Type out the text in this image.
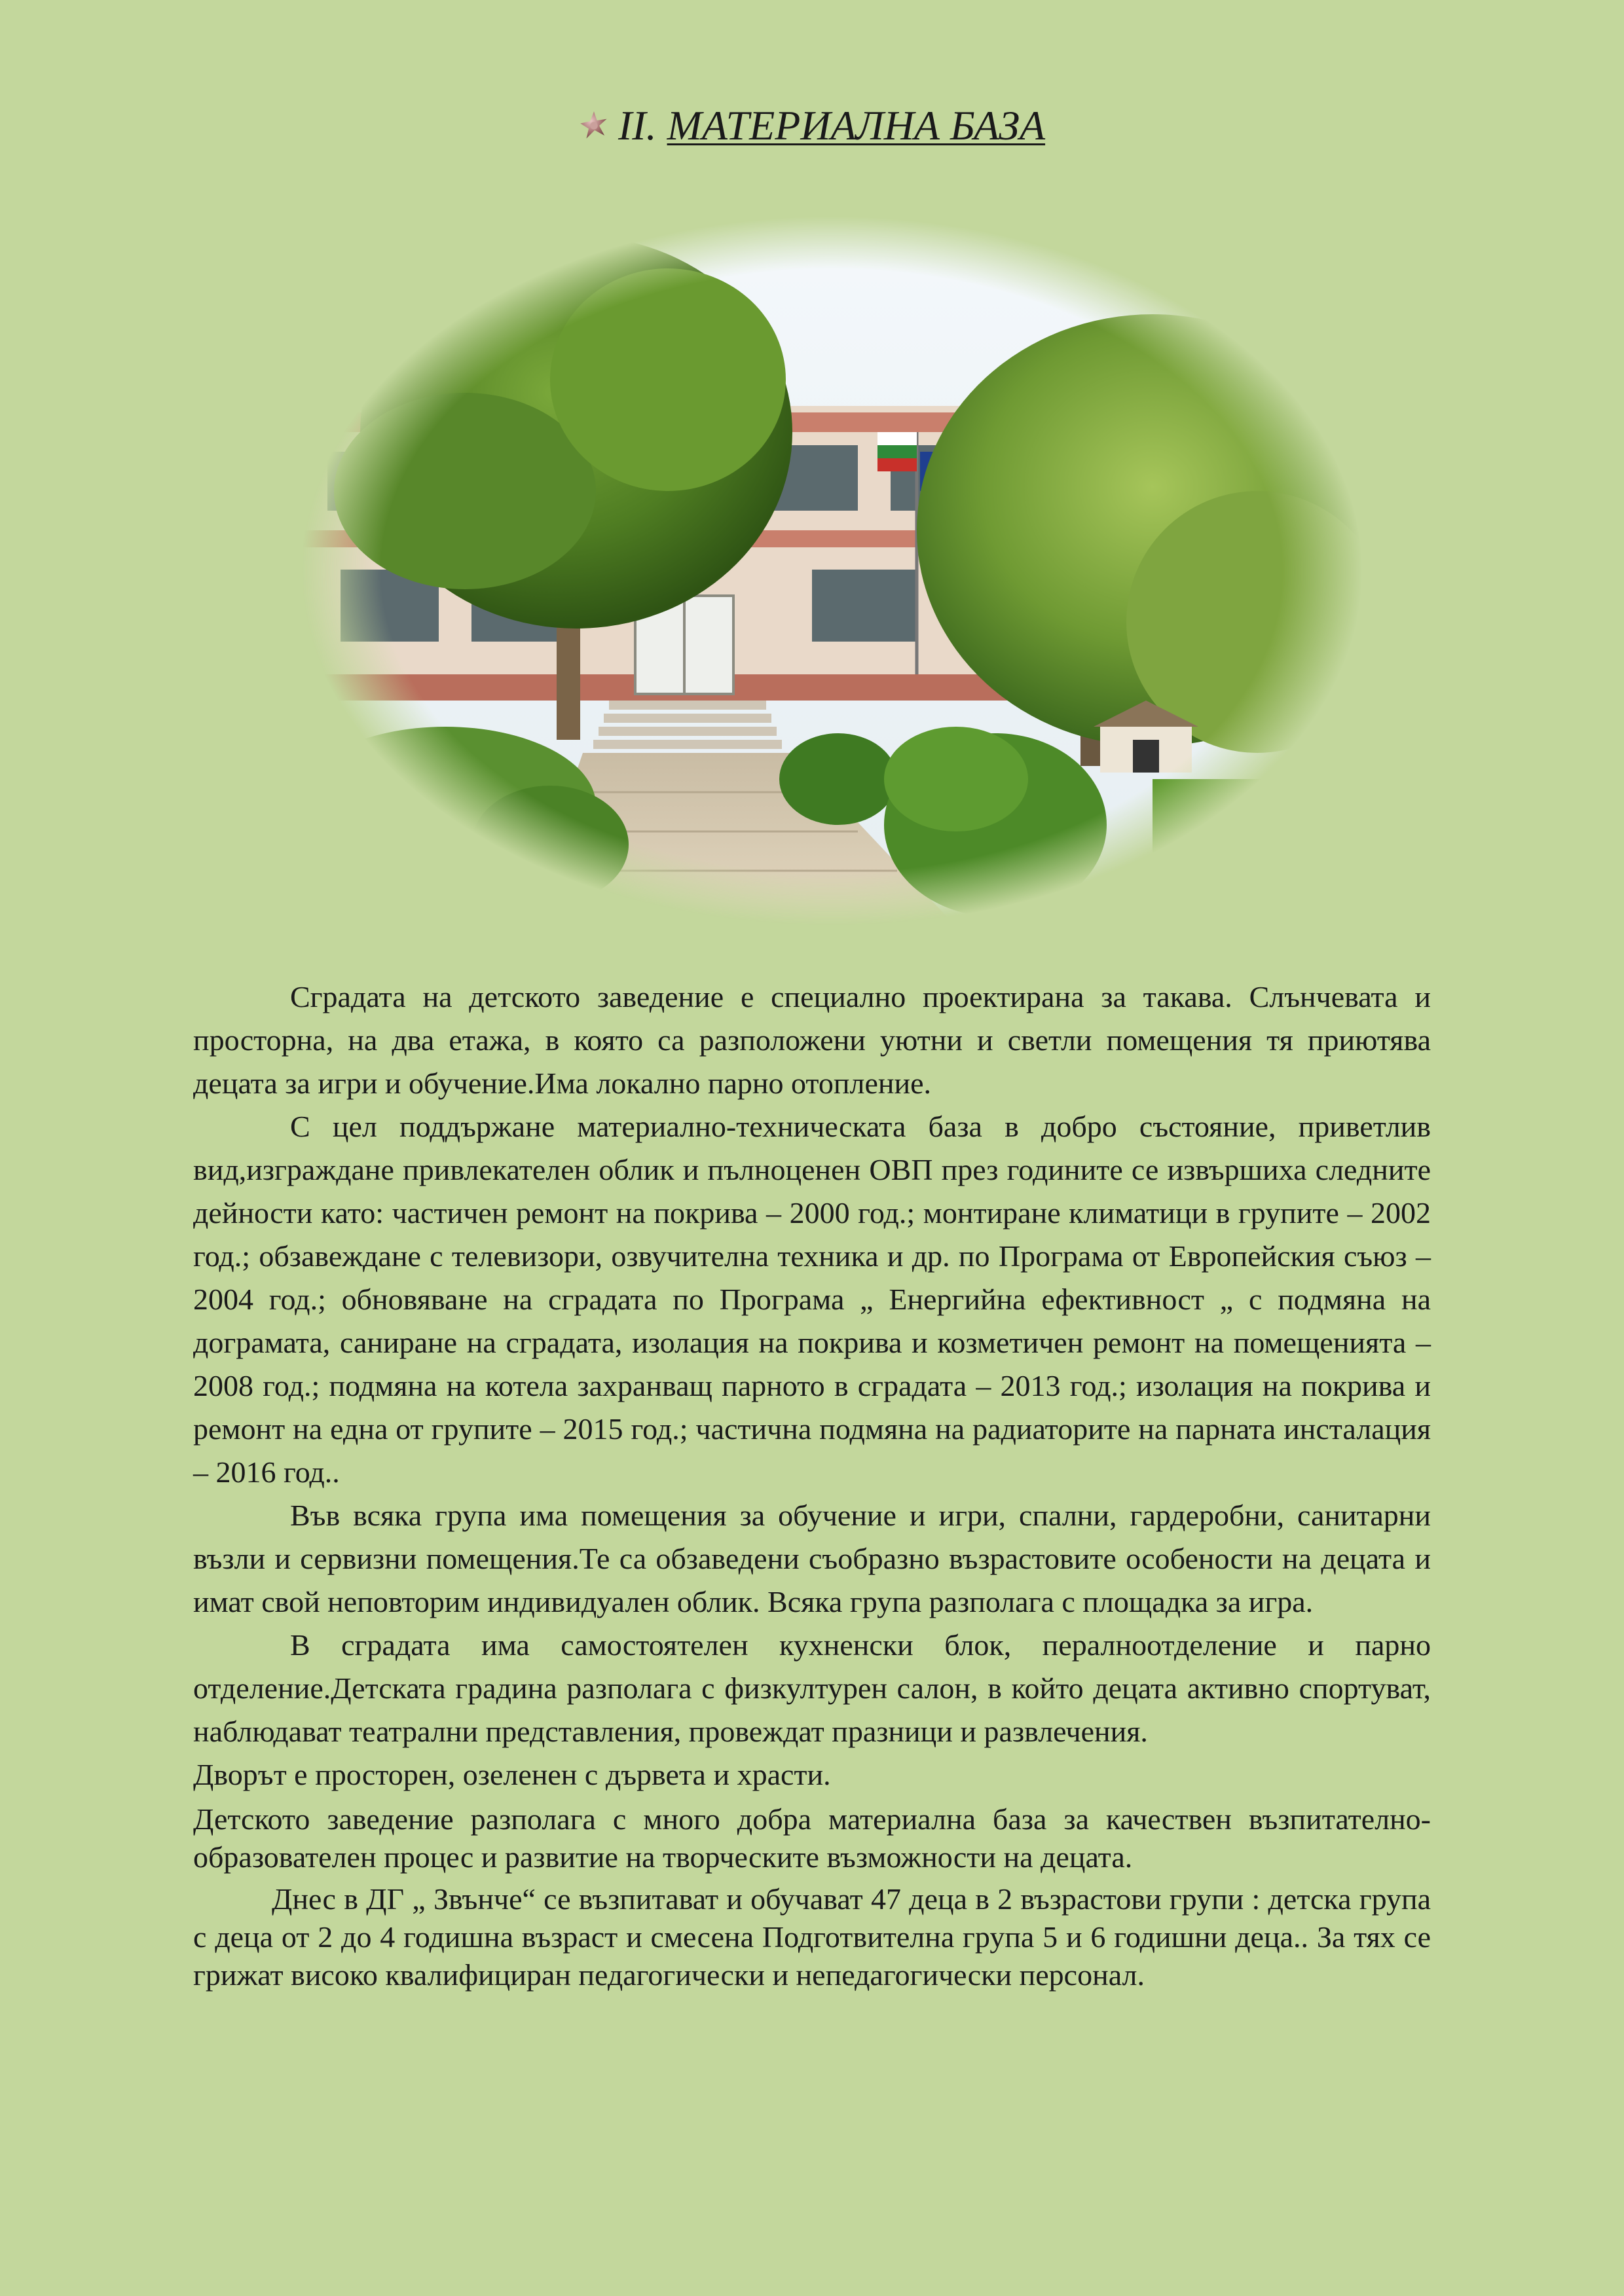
II. МАТЕРИАЛНА БАЗА

Сградата на детското заведение е специално проектирана за такава. Слънчевата и просторна, на два етажа, в която са разположени уютни и светли помещения тя приютява децата за игри и обучение.Има локално парно отопление.

С цел поддържане материално-техническата база в добро състояние, приветлив вид,изграждане привлекателен облик и пълноценен ОВП през годините се извършиха следните дейности като: частичен ремонт на покрива – 2000 год.; монтиране климатици в групите – 2002 год.; обзавеждане с телевизори, озвучителна техника и др. по Програма от Европейския съюз – 2004 год.; обновяване на сградата по Програма „ Енергийна ефективност „ с подмяна на дограмата, саниране на сградата, изолация на покрива и козметичен ремонт на помещенията – 2008 год.; подмяна на котела захранващ парното в сградата – 2013 год.; изолация на покрива и ремонт на една от групите – 2015 год.; частична подмяна на радиаторите на парната инсталация – 2016 год..

Във всяка група има помещения за обучение и игри, спални, гардеробни, санитарни възли и сервизни помещения.Те са обзаведени съобразно възрастовите особености на децата и имат свой неповторим индивидуален облик. Всяка група разполага с площадка за игра.

В сградата има самостоятелен кухненски блок, пералноотделение и парно отделение.Детската градина разполага с физкултурен салон, в който децата активно спортуват, наблюдават театрални представления, провеждат празници и развлечения.

Дворът е просторен, озеленен с дървета и храсти.

Детското заведение разполага с много добра материална база за качествен възпитателно-образователен процес и развитие на творческите възможности на децата.

Днес в ДГ „ Звънче“ се възпитават и обучават 47 деца в 2 възрастови групи : детска група с деца от 2 до 4 годишна възраст и смесена Подготвителна група 5 и 6 годишни деца.. За тях се грижат високо квалифициран педагогически и непедагогически персонал.
